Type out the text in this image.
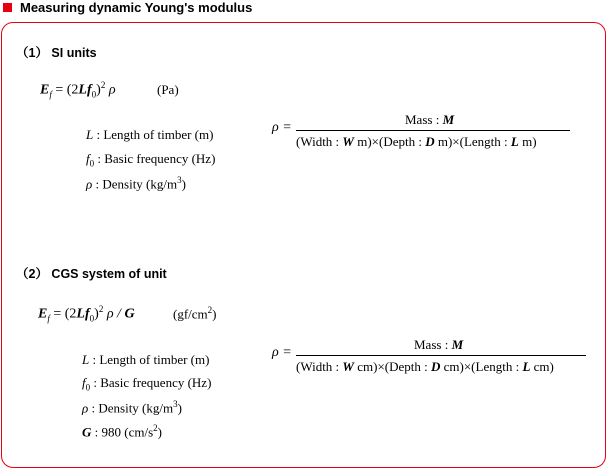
Measuring dynamic Young's modulus
（1） SI units
$E_f = (2Lf_0)^2$ ρ	(Pa)
L : Length of timber (m)
$f_0$ : Basic frequency (Hz)
ρ : Density $(kg/m^3)$
ρ =
Mass : M
(Width : W m)×(Depth : D m)×(Length : L m)
（2） CGS system of unit
$E_f = (2Lf_0)^2$ ρ / G	$(gf/cm^2)$
L : Length of timber (m)
$f_0$ : Basic frequency (Hz)
ρ : Density $(kg/m^3)$
G : 980 $(cm/s^2)$
ρ =
Mass : M
(Width : W cm)×(Depth : D cm)×(Length : L cm)
